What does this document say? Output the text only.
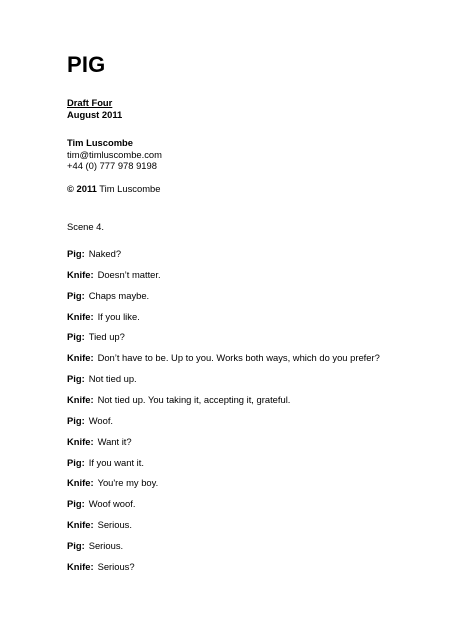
PIG
Draft Four
August 2011
Tim Luscombe
tim@timluscombe.com
+44 (0) 777 978 9198
© 2011 Tim Luscombe
Scene 4.
Pig: Naked?
Knife: Doesn’t matter.
Pig: Chaps maybe.
Knife: If you like.
Pig: Tied up?
Knife: Don’t have to be. Up to you. Works both ways, which do you prefer?
Pig: Not tied up.
Knife: Not tied up. You taking it, accepting it, grateful.
Pig: Woof.
Knife: Want it?
Pig: If you want it.
Knife: You're my boy.
Pig: Woof woof.
Knife: Serious.
Pig: Serious.
Knife: Serious?
